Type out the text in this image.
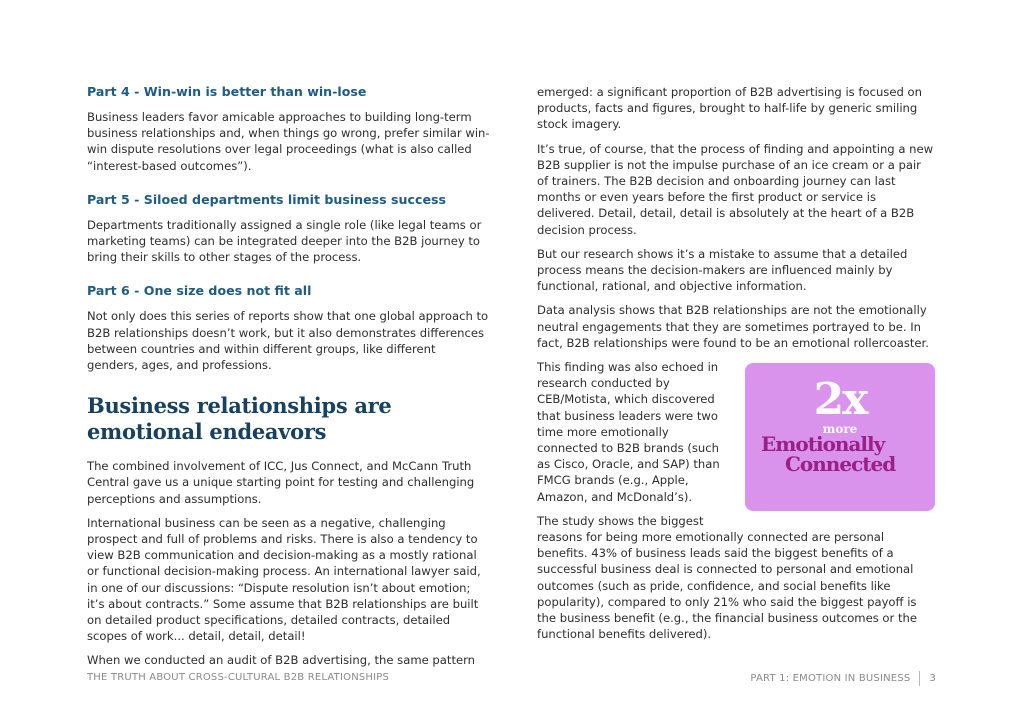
Part 4 - Win-win is better than win-lose

Business leaders favor amicable approaches to building long-term business relationships and, when things go wrong, prefer similar win-win dispute resolutions over legal proceedings (what is also called “interest-based outcomes”).

Part 5 - Siloed departments limit business success

Departments traditionally assigned a single role (like legal teams or marketing teams) can be integrated deeper into the B2B journey to bring their skills to other stages of the process.

Part 6 - One size does not fit all

Not only does this series of reports show that one global approach to B2B relationships doesn’t work, but it also demonstrates differences between countries and within different groups, like different genders, ages, and professions.

Business relationships are emotional endeavors

The combined involvement of ICC, Jus Connect, and McCann Truth Central gave us a unique starting point for testing and challenging perceptions and assumptions.

International business can be seen as a negative, challenging prospect and full of problems and risks. There is also a tendency to view B2B communication and decision-making as a mostly rational or functional decision-making process. An international lawyer said, in one of our discussions: “Dispute resolution isn’t about emotion; it’s about contracts.” Some assume that B2B relationships are built on detailed product specifications, detailed contracts, detailed scopes of work... detail, detail, detail!

When we conducted an audit of B2B advertising, the same pattern

emerged: a significant proportion of B2B advertising is focused on products, facts and figures, brought to half-life by generic smiling stock imagery.

It’s true, of course, that the process of finding and appointing a new B2B supplier is not the impulse purchase of an ice cream or a pair of trainers. The B2B decision and onboarding journey can last months or even years before the first product or service is delivered. Detail, detail, detail is absolutely at the heart of a B2B decision process.

But our research shows it’s a mistake to assume that a detailed process means the decision-makers are influenced mainly by functional, rational, and objective information.

Data analysis shows that B2B relationships are not the emotionally neutral engagements that they are sometimes portrayed to be. In fact, B2B relationships were found to be an emotional rollercoaster.

2x
more
Emotionally
Connected

This finding was also echoed in research conducted by CEB/Motista, which discovered that business leaders were two time more emotionally connected to B2B brands (such as Cisco, Oracle, and SAP) than FMCG brands (e.g., Apple, Amazon, and McDonald’s).

The study shows the biggest reasons for being more emotionally connected are personal benefits. 43% of business leads said the biggest benefits of a successful business deal is connected to personal and emotional outcomes (such as pride, confidence, and social benefits like popularity), compared to only 21% who said the biggest payoff is the business benefit (e.g., the financial business outcomes or the functional benefits delivered).

THE TRUTH ABOUT CROSS-CULTURAL B2B RELATIONSHIPS	PART 1: EMOTION IN BUSINESS 3
